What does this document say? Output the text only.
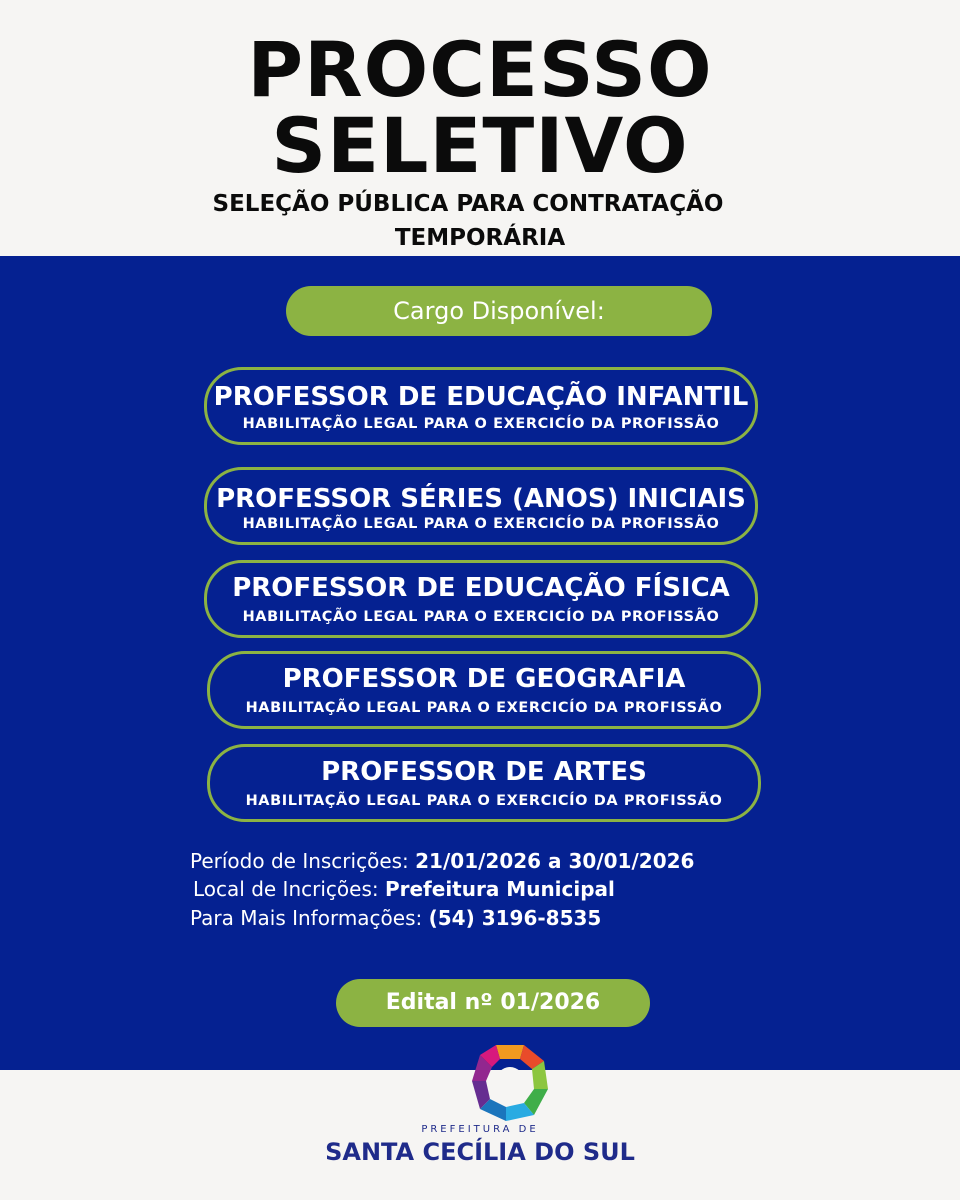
PROCESSO
SELETIVO
SELEÇÃO PÚBLICA PARA CONTRATAÇÃO
TEMPORÁRIA
Cargo Disponível:
PROFESSOR DE EDUCAÇÃO INFANTIL
HABILITAÇÃO LEGAL PARA O EXERCICÍO DA PROFISSÃO
PROFESSOR SÉRIES (ANOS) INICIAIS
HABILITAÇÃO LEGAL PARA O EXERCICÍO DA PROFISSÃO
PROFESSOR DE EDUCAÇÃO FÍSICA
HABILITAÇÃO LEGAL PARA O EXERCICÍO DA PROFISSÃO
PROFESSOR DE GEOGRAFIA
HABILITAÇÃO LEGAL PARA O EXERCICÍO DA PROFISSÃO
PROFESSOR DE ARTES
HABILITAÇÃO LEGAL PARA O EXERCICÍO DA PROFISSÃO
Período de Inscrições: 21/01/2026 a 30/01/2026
Local de Incrições: Prefeitura Municipal
Para Mais Informações: (54) 3196-8535
Edital nº 01/2026
PREFEITURA DE
SANTA CECÍLIA DO SUL
